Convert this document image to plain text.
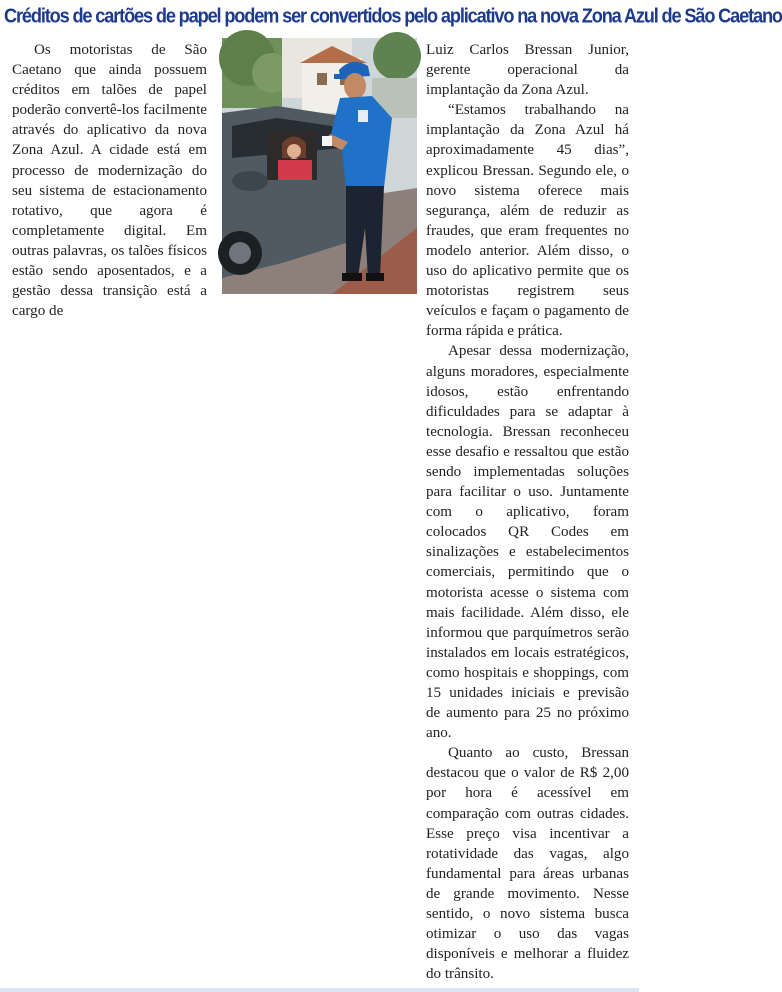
Créditos de cartões de papel podem ser convertidos pelo aplicativo na nova Zona Azul de São Caetano

Os motoristas de São Caetano que ainda possuem créditos em talões de papel poderão convertê-los facilmente através do aplicativo da nova Zona Azul. A cidade está em processo de modernização do seu sistema de estacionamento rotativo, que agora é completamente digital. Em outras palavras, os talões físicos estão sendo aposentados, e a gestão dessa transição está a cargo de

Luiz Carlos Bressan Junior, gerente operacional da implantação da Zona Azul.

“Estamos trabalhando na implantação da Zona Azul há aproximadamente 45 dias”, explicou Bressan. Segundo ele, o novo sistema oferece mais segurança, além de reduzir as fraudes, que eram frequentes no modelo anterior. Além disso, o uso do aplicativo permite que os motoristas registrem seus veículos e façam o pagamento de forma rápida e prática.

Apesar dessa modernização, alguns moradores, especialmente idosos, estão enfrentando dificuldades para se adaptar à tecnologia. Bressan reconheceu esse desafio e ressaltou que estão sendo implementadas soluções para facilitar o uso. Juntamente com o aplicativo, foram colocados QR Codes em sinalizações e estabelecimentos comerciais, permitindo que o motorista acesse o sistema com mais facilidade. Além disso, ele informou que parquímetros serão instalados em locais estratégicos, como hospitais e shoppings, com 15 unidades iniciais e previsão de aumento para 25 no próximo ano.

Quanto ao custo, Bressan destacou que o valor de R$ 2,00 por hora é acessível em comparação com outras cidades. Esse preço visa incentivar a rotatividade das vagas, algo fundamental para áreas urbanas de grande movimento. Nesse sentido, o novo sistema busca otimizar o uso das vagas disponíveis e melhorar a fluidez do trânsito.
